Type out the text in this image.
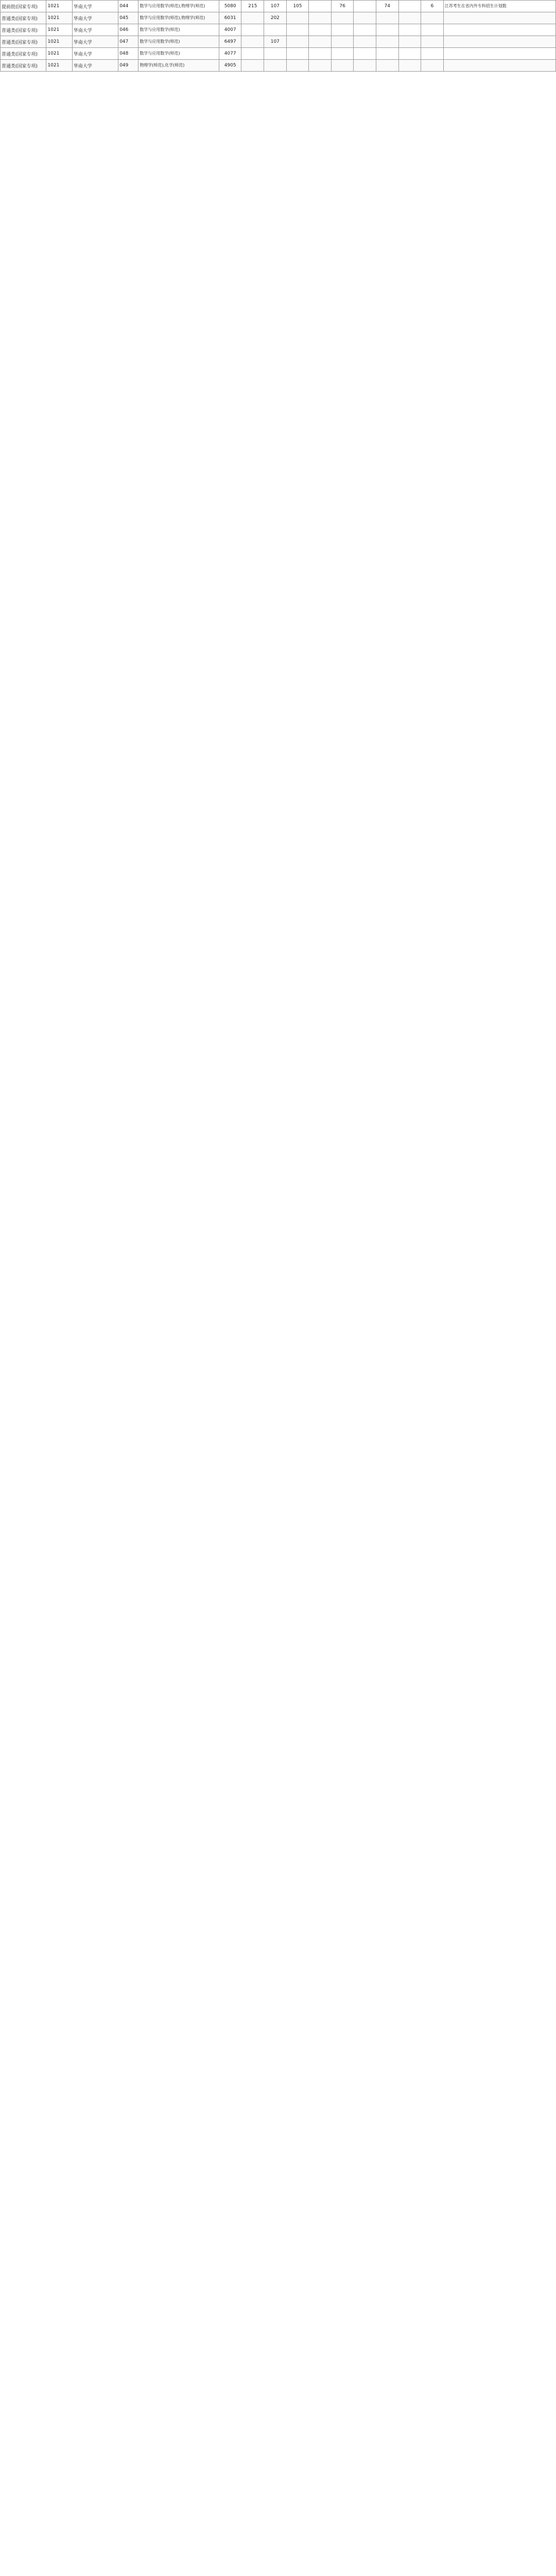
提前批(国家专项)	1021	华南大学	044	数学与应用数学(师范),物理学(师范)	5080	215	107	105		76		74		6	江苏考生在省内外专科招生计划数
普通类(国家专项)	1021	华南大学	045	数学与应用数学(师范),物理学(师范)	6031		202								
普通类(国家专项)	1021	华南大学	046	数学与应用数学(师范)	4007										
普通类(国家专项)	1021	华南大学	047	数学与应用数学(师范)	6497		107								
普通类(国家专项)	1021	华南大学	048	数学与应用数学(师范)	4077										
普通类(国家专项)	1021	华南大学	049	物理学(师范),化学(师范)	4905										
